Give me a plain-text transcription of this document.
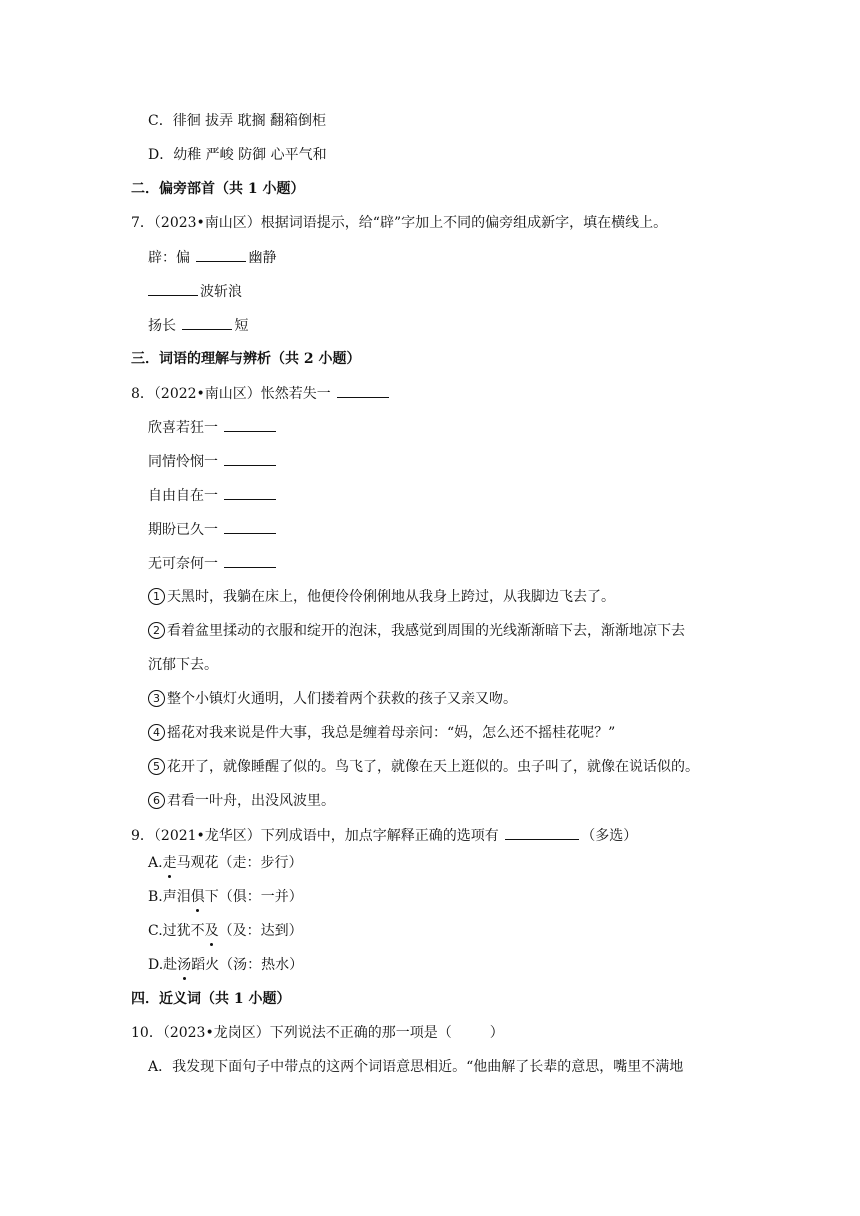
C．徘徊 拔弄 耽搁 翻箱倒柜
D．幼稚 严峻 防御 心平气和
二．偏旁部首（共 1 小题）
7．（2023•南山区）根据词语提示，给“辟”字加上不同的偏旁组成新字，填在横线上。
辟：偏	幽静
波斩浪
扬长	短
三．词语的理解与辨析（共 2 小题）
8．（2022•南山区）怅然若失一
欣喜若狂一
同情怜悯一
自由自在一
期盼已久一
无可奈何一
1 天黑时，我躺在床上，他便伶伶俐俐地从我身上跨过，从我脚边飞去了。
2 看着盆里揉动的衣服和绽开的泡沫，我感觉到周围的光线渐渐暗下去，渐渐地凉下去
沉郁下去。
3 整个小镇灯火通明，人们搂着两个获救的孩子又亲又吻。
4 摇花对我来说是件大事，我总是缠着母亲问：“妈，怎么还不摇桂花呢？”
5 花开了，就像睡醒了似的。鸟飞了，就像在天上逛似的。虫子叫了，就像在说话似的。
6 君看一叶舟，出没风波里。
9．（2021•龙华区）下列成语中，加点字解释正确的选项有	（多选）
A.走马观花（走：步行）
B.声泪俱下（俱：一并）
C.过犹不及（及：达到）
D.赴汤蹈火（汤：热水）
四．近义词（共 1 小题）
10．（2023•龙岗区）下列说法不正确的那一项是（	）
A．我发现下面句子中带点的这两个词语意思相近。“他曲解了长辈的意思，嘴里不满地
